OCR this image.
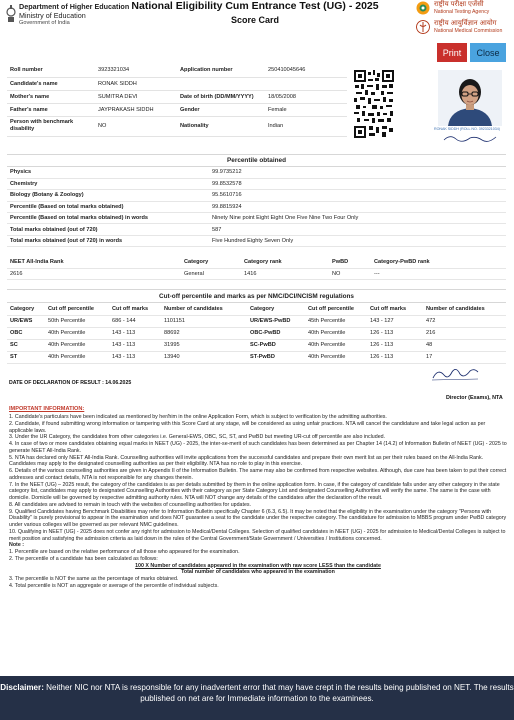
Department of Higher Education
Ministry of Education
Government of India
National Eligibility Cum Entrance Test (UG) - 2025
Score Card
राष्ट्रीय परीक्षा एजेंसी
National Testing Agency
राष्ट्रीय आयुर्विज्ञान आयोग
National Medical Commission
Print	Close
Roll number	3923321034	Application number	250410045646
Candidate's name	RONAK SIDDH		
Mother's name	SUMITRA DEVI	Date of birth (DD/MM/YYYY)	18/05/2008
Father's name	JAYPRAKASH SIDDH	Gender	Female
Person with benchmark disability	NO	Nationality	Indian	RONAK SIDDH (ROLL NO. 3923321034)
Percentile obtained
Physics	99.9735212
Chemistry	99.8532578
Biology (Botany & Zoology)	95.5610716
Percentile (Based on total marks obtained)	99.8815924
Percentile (Based on total marks obtained) in words	Ninety Nine point Eight Eight One Five Nine Two Four Only
Total marks obtained (out of 720)	587
Total marks obtained (out of 720) in words	Five Hundred Eighty Seven Only
NEET All-India Rank	Category	Category rank	PwBD	Category-PwBD rank
2616	General	1416	NO	---
Cut-off percentile and marks as per NMC/DCI/NCISM regulations
Category	Cut off percentile	Cut off marks	Number of candidates	Category	Cut off percentile	Cut off marks	Number of candidates
UR/EWS	50th Percentile	686 - 144	1101151	UR/EWS-PwBD	45th Percentile	143 - 127	472
OBC	40th Percentile	143 - 113	88692	OBC-PwBD	40th Percentile	126 - 113	216
SC	40th Percentile	143 - 113	31995	SC-PwBD	40th Percentile	126 - 113	48
ST	40th Percentile	143 - 113	13940	ST-PwBD	40th Percentile	126 - 113	17
DATE OF DECLARATION OF RESULT : 14.06.2025
Director (Exams), NTA
IMPORTANT INFORMATION:

1. Candidate's particulars have been indicated as mentioned by her/him in the online Application Form, which is subject to verification by the admitting authorities.

2. Candidate, if found submitting wrong information or tampering with this Score Card at any stage, will be considered as using unfair practices. NTA will cancel the candidature and take legal action as per applicable laws.

3. Under the UR Category, the candidates from other categories i.e. General-EWS, OBC, SC, ST, and PwBD but meeting UR-cut off percentile are also included.

4. In case of two or more candidates obtaining equal marks in NEET (UG) - 2025, the inter-se-merit of such candidates has been determined as per Chapter 14 (14.2) of Information Bulletin of NEET (UG) - 2025 to generate NEET All-India Rank.

5. NTA has declared only NEET All-India Rank. Counselling authorities will invite applications from the successful candidates and prepare their own merit list as per their rules based on the All-India Rank. Candidates may apply to the designated counselling authorities as per their eligibility. NTA has no role to play in this exercise.

6. Details of the various counselling authorities are given in Appendix II of the Information Bulletin. The same may also be confirmed from respective websites. Although, due care has been taken to put their correct addresses and contact details, NTA is not responsible for any changes therein.

7. In the NEET (UG) – 2025 result, the category of the candidates is as per details submitted by them in the online application form. In case, if the category of candidate falls under any other category in the state category list, candidates may apply to designated Counselling Authorities with their category as per State Category List and designated Counselling Authorities will verify the same. The same is the case with domicile. Domicile will be governed by respective admitting authority rules. NTA will NOT change any details of the candidates after the declaration of the result.

8. All candidates are advised to remain in touch with the websites of counselling authorities for updates.

9. Qualified Candidates having Benchmark Disabilities may refer to Information Bulletin specifically Chapter 6 (6.3, 6.5). It may be noted that the eligibility in the examination under the category "Persons with Disability" is purely provisional to appear in the examination and does NOT guarantee a seat to the candidate under the respective category. The candidature for admission to MBBS program under PwBD category under various colleges will be governed as per relevant NMC guidelines.

10. Qualifying in NEET (UG) - 2025 does not confer any right for admission to Medical/Dental Colleges. Selection of qualified candidates in NEET (UG) - 2025 for admission to Medical/Dental Colleges is subject to merit position and satisfying the admission criteria as laid down in the rules of the Central Government/State Government / Universities / Institutions concerned.

Note :

1. Percentile are based on the relative performance of all those who appeared for the examination.

2. The percentile of a candidate has been calculated as follows:

100 X Number of candidates appeared in the examination with raw score LESS than the candidate

Total number of candidates who appeared in the examination

3. The percentile is NOT the same as the percentage of marks obtained.

4. Total percentile is NOT an aggregate or average of the percentile of individual subjects.

Disclaimer: Neither NIC nor NTA is responsible for any inadvertent error that may have crept in the results being published on NET. The results published on net are for Immediate information to the examinees.
